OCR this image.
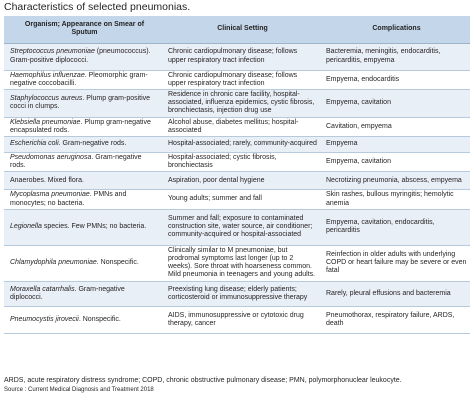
Characteristics of selected pneumonias.
Organism; Appearance on Smear of
Sputum	Clinical Setting	Complications
Streptococcus pneumoniae (pneumococcus). Gram-positive diplococci.	Chronic cardiopulmonary disease; follows upper respiratory tract infection	Bacteremia, meningitis, endocarditis, pericarditis, empyema
Haemophilus influenzae. Pleomorphic gram-negative coccobacilli.	Chronic cardiopulmonary disease; follows upper respiratory tract infection	Empyema, endocarditis
Staphylococcus aureus. Plump gram-positive cocci in clumps.	Residence in chronic care facility, hospital-associated, influenza epidemics, cystic fibrosis, bronchiectasis, injection drug use	Empyema, cavitation
Klebsiella pneumoniae. Plump gram-negative encapsulated rods.	Alcohol abuse, diabetes mellitus; hospital-associated	Cavitation, empyema
Escherichia coli. Gram-negative rods.	Hospital-associated; rarely, community-acquired	Empyema
Pseudomonas aeruginosa. Gram-negative rods.	Hospital-associated; cystic fibrosis, bronchiectasis	Empyema, cavitation
Anaerobes. Mixed flora.	Aspiration, poor dental hygiene	Necrotizing pneumonia, abscess, empyema
Mycoplasma pneumoniae. PMNs and monocytes; no bacteria.	Young adults; summer and fall	Skin rashes, bullous myringitis; hemolytic anemia
Legionella species. Few PMNs; no bacteria.	Summer and fall; exposure to contaminated construction site, water source, air conditioner; community-acquired or hospital-associated	Empyema, cavitation, endocarditis, pericarditis
Chlamydophila pneumoniae. Nonspecific.	Clinically similar to M pneumoniae, but prodromal symptoms last longer (up to 2 weeks). Sore throat with hoarseness common. Mild pneumonia in teenagers and young adults.	Reinfection in older adults with underlying COPD or heart failure may be severe or even fatal
Moraxella catarrhalis. Gram-negative diplococci.	Preexisting lung disease; elderly patients; corticosteroid or immunosuppressive therapy	Rarely, pleural effusions and bacteremia
Pneumocystis jirovecii. Nonspecific.	AIDS, immunosuppressive or cytotoxic drug therapy, cancer	Pneumothorax, respiratory failure, ARDS, death
ARDS, acute respiratory distress syndrome; COPD, chronic obstructive pulmonary disease; PMN, polymorphonuclear leukocyte.
Source : Current Medical Diagnosis and Treatment 2018
